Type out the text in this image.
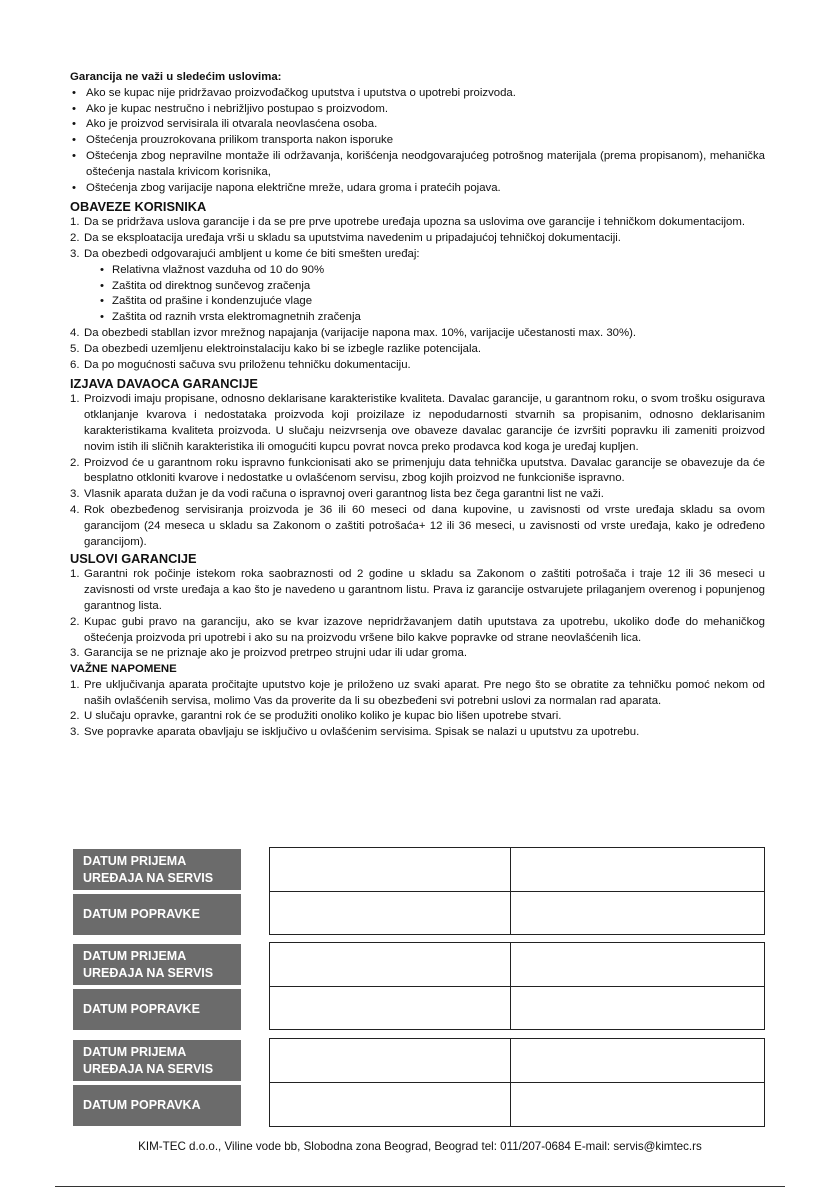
Garancija ne važi u sledećim uslovima:

• Ako se kupac nije pridržavao proizvođačkog uputstva i uputstva o upotrebi proizvoda.
• Ako je kupac nestručno i nebrižljivo postupao s proizvodom.
• Ako je proizvod servisirala ili otvarala neovlasćena osoba.
• Oštećenja prouzrokovana prilikom transporta nakon isporuke
• Oštećenja zbog nepravilne montaže ili održavanja, korišćenja neodgovarajućeg potrošnog materijala (prema propisanom), mehanička oštećenja nastala krivicom korisnika,
• Oštećenja zbog varijacije napona električne mreže, udara groma i pratećih pojava.

OBAVEZE KORISNIKA

1. Da se pridržava uslova garancije i da se pre prve upotrebe uređaja upozna sa uslovima ove garancije i tehničkom dokumentacijom.
2. Da se eksploatacija uređaja vrši u skladu sa uputstvima navedenim u pripadajućoj tehničkoj dokumentaciji.
3. Da obezbedi odgovarajući ambljent u kome će biti smešten uređaj:
• Relativna vlažnost vazduha od 10 do 90%
• Zaštita od direktnog sunčevog zračenja
• Zaštita od prašine i kondenzujuće vlage
• Zaštita od raznih vrsta elektromagnetnih zračenja
4. Da obezbedi stabllan izvor mrežnog napajanja (varijacije napona max. 10%, varijacije učestanosti max. 30%).
5. Da obezbedi uzemljenu elektroinstalaciju kako bi se izbegle razlike potencijala.
6. Da po mogućnosti sačuva svu priloženu tehničku dokumentaciju.

IZJAVA DAVAOCA GARANCIJE

1. Proizvodi imaju propisane, odnosno deklarisane karakteristike kvaliteta. Davalac garancije, u garantnom roku, o svom trošku osigurava otklanjanje kvarova i nedostataka proizvoda koji proizilaze iz nepodudarnosti stvarnih sa propisanim, odnosno deklarisanim karakteristikama kvaliteta proizvoda. U slučaju neizvrsenja ove obaveze davalac garancije će izvršiti popravku ili zameniti proizvod novim istih ili sličnih karakteristika ili omogućiti kupcu povrat novca preko prodavca kod koga je uređaj kupljen.
2. Proizvod će u garantnom roku ispravno funkcionisati ako se primenjuju data tehnička uputstva. Davalac garancije se obavezuje da će besplatno otkloniti kvarove i nedostatke u ovlašćenom servisu, zbog kojih proizvod ne funkcioniše ispravno.
3. Vlasnik aparata dužan je da vodi računa o ispravnoj overi garantnog lista bez čega garantni list ne važi.
4. Rok obezbeđenog servisiranja proizvoda je 36 ili 60 meseci od dana kupovine, u zavisnosti od vrste uređaja skladu sa ovom garancijom (24 meseca u skladu sa Zakonom o zaštiti potrošaća+ 12 ili 36 meseci, u zavisnosti od vrste uređaja, kako je određeno garancijom).

USLOVI GARANCIJE

1. Garantni rok počinje istekom roka saobraznosti od 2 godine u skladu sa Zakonom o zaštiti potrošača i traje 12 ili 36 meseci u zavisnosti od vrste uređaja a kao što je navedeno u garantnom listu. Prava iz garancije ostvarujete prilaganjem overenog i popunjenog garantnog lista.
2. Kupac gubi pravo na garanciju, ako se kvar izazove nepridržavanjem datih uputstava za upotrebu, ukoliko dođe do mehaničkog oštećenja proizvoda pri upotrebi i ako su na proizvodu vršene bilo kakve popravke od strane neovlašćenih lica.
3. Garancija se ne priznaje ako je proizvod pretrpeo strujni udar ili udar groma.

VAŽNE NAPOMENE

1. Pre uključivanja aparata pročitajte uputstvo koje je priloženo uz svaki aparat. Pre nego što se obratite za tehničku pomoć nekom od naših ovlašćenih servisa, molimo Vas da proverite da li su obezbeđeni svi potrebni uslovi za normalan rad aparata.
2. U slučaju opravke, garantni rok će se produžiti onoliko koliko je kupac bio lišen upotrebe stvari.
3. Sve popravke aparata obavljaju se isključivo u ovlašćenim servisima. Spisak se nalazi u uputstvu za upotrebu.
DATUM PRIJEMA UREĐAJA NA SERVIS
DATUM POPRAVKE
DATUM PRIJEMA UREĐAJA NA SERVIS
DATUM POPRAVKE
DATUM PRIJEMA UREĐAJA NA SERVIS
DATUM POPRAVKA
KIM-TEC d.o.o., Viline vode bb, Slobodna zona Beograd, Beograd tel: 011/207-0684 E-mail: servis@kimtec.rs
